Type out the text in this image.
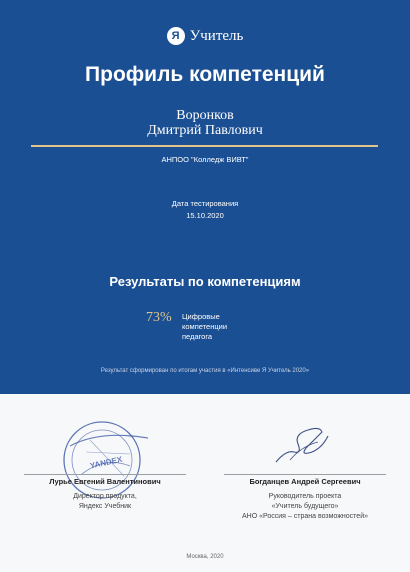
Я Учитель
Профиль компетенций
Воронков
Дмитрий Павлович
АНПОО "Колледж ВИВТ"
Дата тестирования
15.10.2020
Результаты по компетенциям
73% Цифровые
компетенции
педагога
Результат сформирован по итогам участия в «Интенсиве Я Учитель 2020»
YANDEX
Лурье Евгений Валентинович	Богданцев Андрей Сергеевич
Директор продукта,
Яндекс Учебник
Руководитель проекта
«Учитель будущего»
АНО «Россия – страна возможностей»
Москва, 2020
